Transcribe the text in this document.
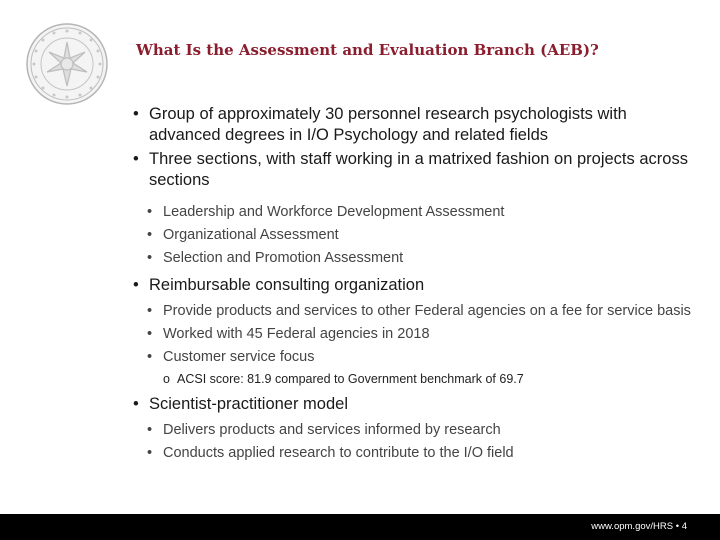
What Is the Assessment and Evaluation Branch (AEB)?
• Group of approximately 30 personnel research psychologists with advanced degrees in I/O Psychology and related fields
• Three sections, with staff working in a matrixed fashion on projects across sections
• Leadership and Workforce Development Assessment
• Organizational Assessment
• Selection and Promotion Assessment
• Reimbursable consulting organization
• Provide products and services to other Federal agencies on a fee for service basis
• Worked with 45 Federal agencies in 2018
• Customer service focus
o ACSI score: 81.9 compared to Government benchmark of 69.7
• Scientist-practitioner model
• Delivers products and services informed by research
• Conducts applied research to contribute to the I/O field
www.opm.gov/HRS • 4
